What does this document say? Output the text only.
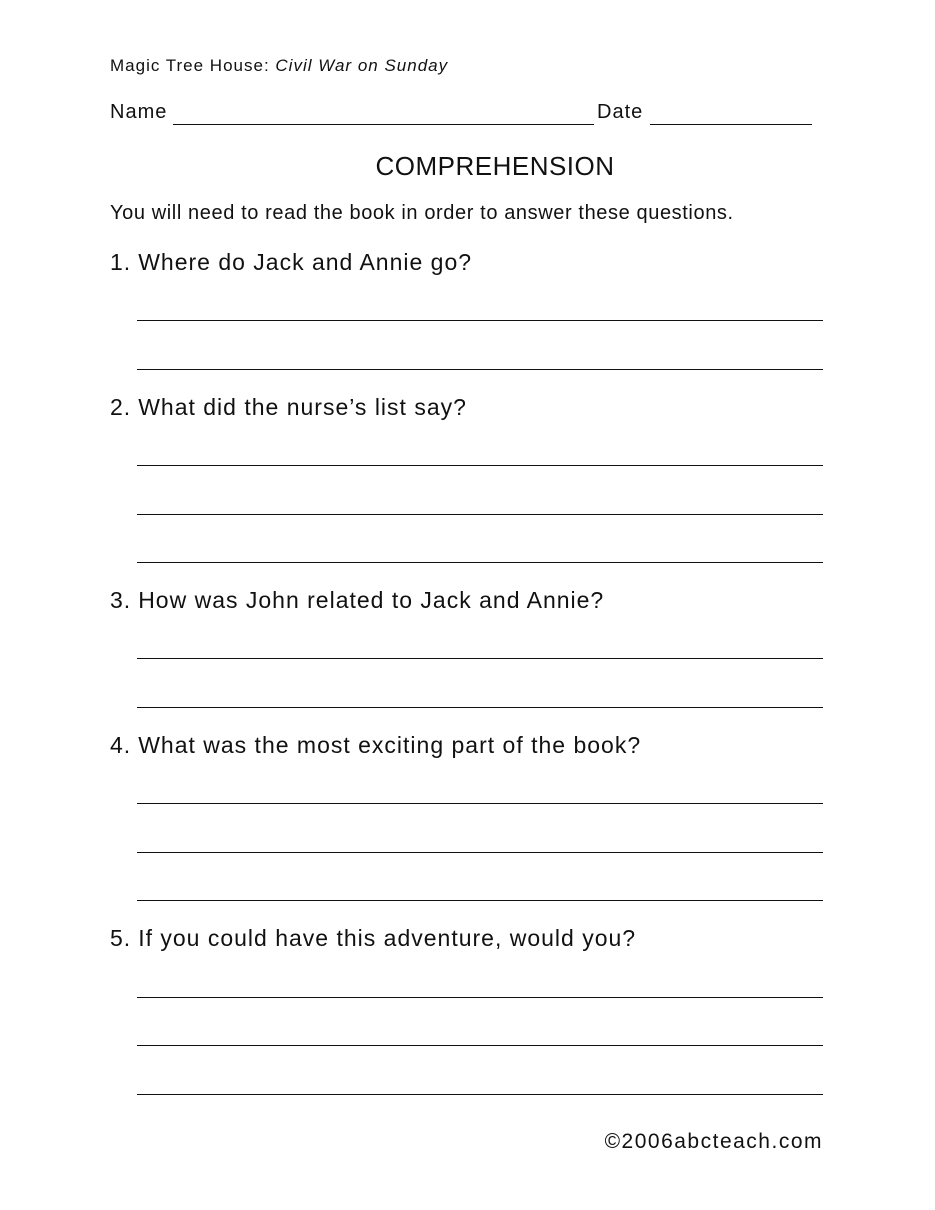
Magic Tree House: Civil War on Sunday
Name	Date
COMPREHENSION
You will need to read the book in order to answer these questions.
1. Where do Jack and Annie go?
2. What did the nurse’s list say?
3. How was John related to Jack and Annie?
4. What was the most exciting part of the book?
5. If you could have this adventure, would you?
©2006abcteach.com
